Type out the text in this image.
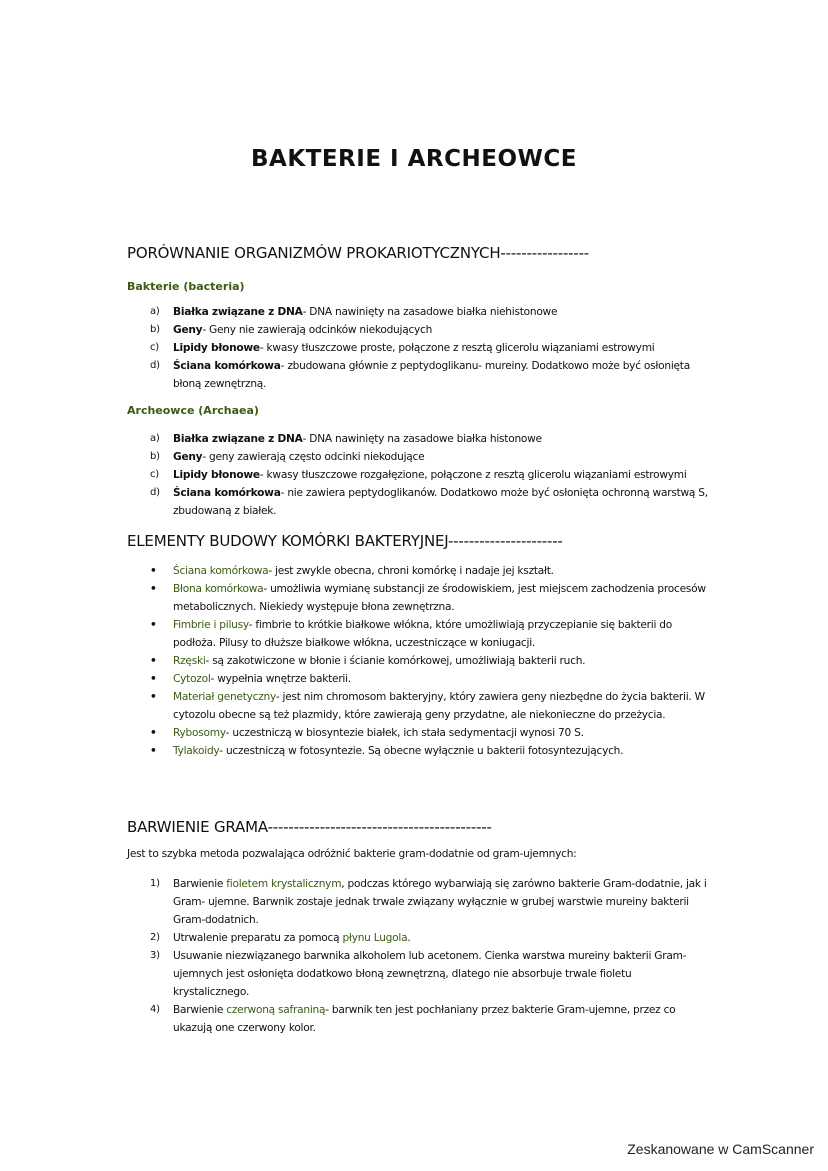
BAKTERIE I ARCHEOWCE
PORÓWNANIE ORGANIZMÓW PROKARIOTYCZNYCH-----------------
Bakterie (bacteria)
a)	Białka związane z DNA- DNA nawinięty na zasadowe białka niehistonowe
b)	Geny- Geny nie zawierają odcinków niekodujących
c)	Lipidy błonowe- kwasy tłuszczowe proste, połączone z resztą glicerolu wiązaniami estrowymi
d)	Ściana komórkowa- zbudowana głównie z peptydoglikanu- mureiny. Dodatkowo może być osłonięta błoną zewnętrzną.
Archeowce (Archaea)
a)	Białka związane z DNA- DNA nawinięty na zasadowe białka histonowe
b)	Geny- geny zawierają często odcinki niekodujące
c)	Lipidy błonowe- kwasy tłuszczowe rozgałęzione, połączone z resztą glicerolu wiązaniami estrowymi
d)	Ściana komórkowa- nie zawiera peptydoglikanów. Dodatkowo może być osłonięta ochronną warstwą S, zbudowaną z białek.
ELEMENTY BUDOWY KOMÓRKI BAKTERYJNEJ----------------------
•	Ściana komórkowa- jest zwykle obecna, chroni komórkę i nadaje jej kształt.
•	Błona komórkowa- umożliwia wymianę substancji ze środowiskiem, jest miejscem zachodzenia procesów metabolicznych. Niekiedy występuje błona zewnętrzna.
•	Fimbrie i pilusy- fimbrie to krótkie białkowe włókna, które umożliwiają przyczepianie się bakterii do podłoża. Pilusy to dłuższe białkowe włókna, uczestniczące w koniugacji.
•	Rzęski- są zakotwiczone w błonie i ścianie komórkowej, umożliwiają bakterii ruch.
•	Cytozol- wypełnia wnętrze bakterii.
•	Materiał genetyczny- jest nim chromosom bakteryjny, który zawiera geny niezbędne do życia bakterii. W cytozolu obecne są też plazmidy, które zawierają geny przydatne, ale niekonieczne do przeżycia.
•	Rybosomy- uczestniczą w biosyntezie białek, ich stała sedymentacji wynosi 70 S.
•	Tylakoidy- uczestniczą w fotosyntezie. Są obecne wyłącznie u bakterii fotosyntezujących.
BARWIENIE GRAMA-------------------------------------------
Jest to szybka metoda pozwalająca odróżnić bakterie gram-dodatnie od gram-ujemnych:
1)	Barwienie fioletem krystalicznym, podczas którego wybarwiają się zarówno bakterie Gram-dodatnie, jak i Gram- ujemne. Barwnik zostaje jednak trwale związany wyłącznie w grubej warstwie mureiny bakterii Gram-dodatnich.
2)	Utrwalenie preparatu za pomocą płynu Lugola.
3)	Usuwanie niezwiązanego barwnika alkoholem lub acetonem. Cienka warstwa mureiny bakterii Gram-ujemnych jest osłonięta dodatkowo błoną zewnętrzną, dlatego nie absorbuje trwale fioletu krystalicznego.
4)	Barwienie czerwoną safraniną- barwnik ten jest pochłaniany przez bakterie Gram-ujemne, przez co ukazują one czerwony kolor.
Zeskanowane w CamScanner
